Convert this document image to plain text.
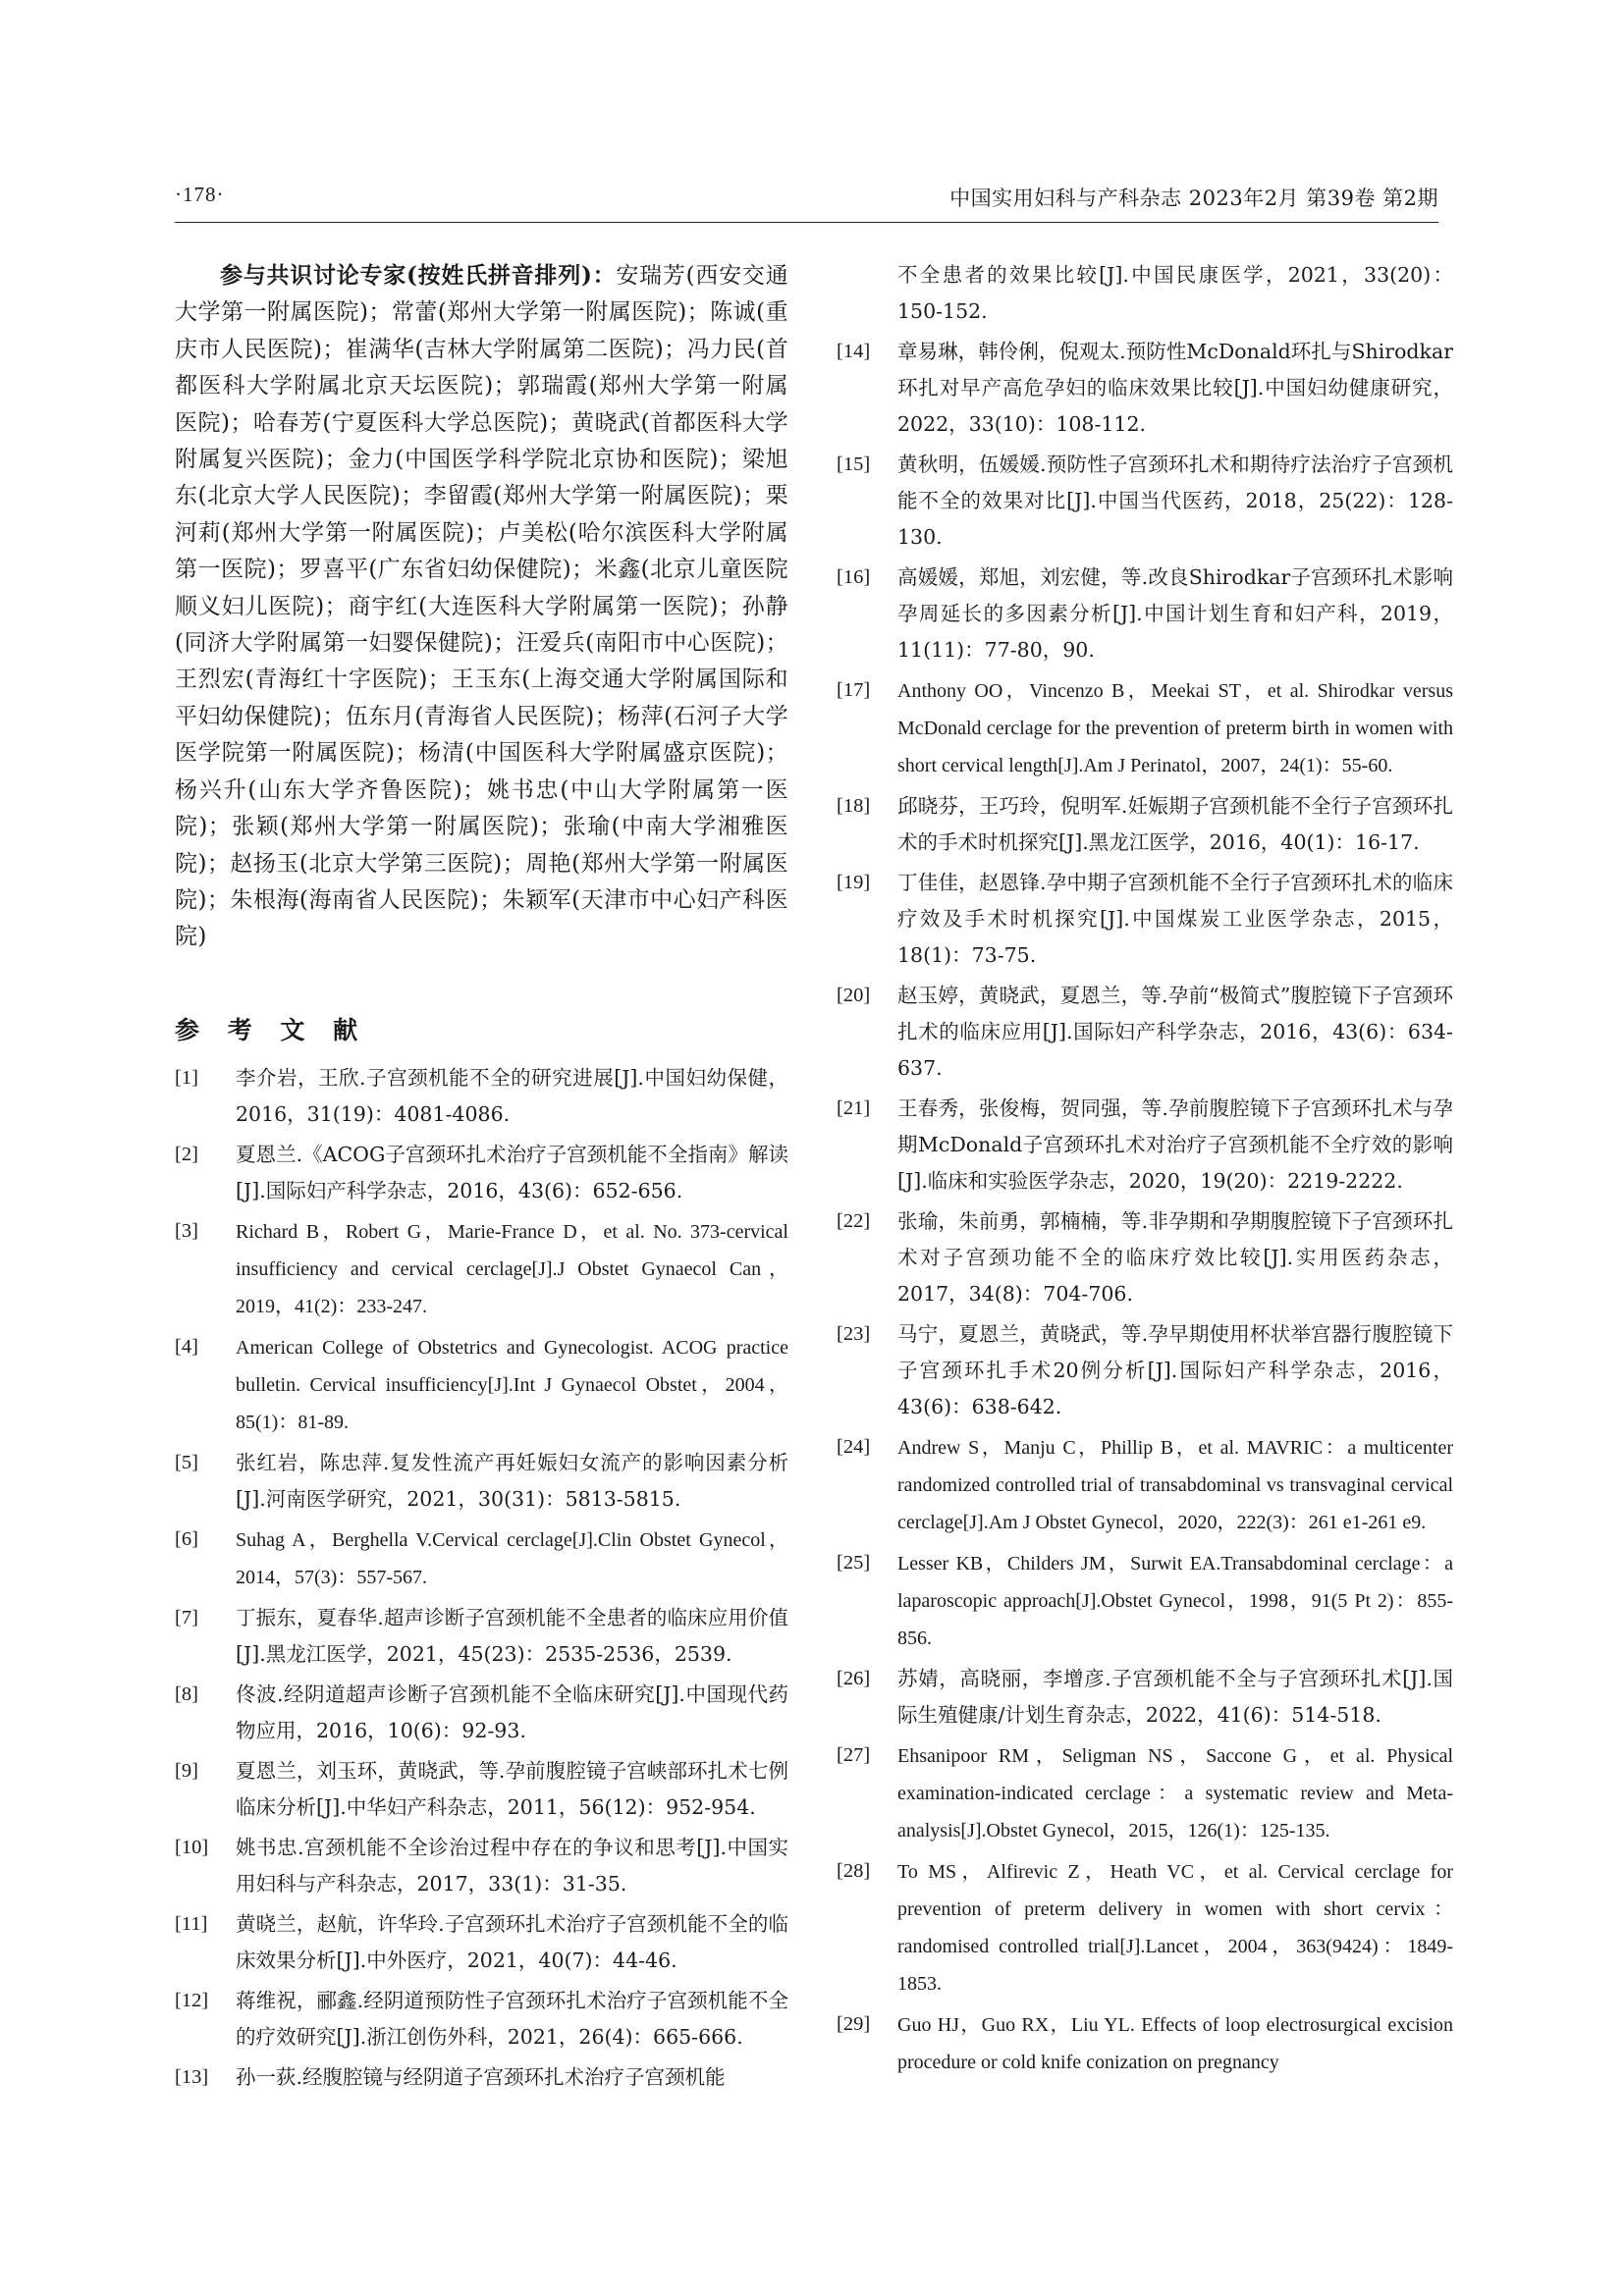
·178·	中国实用妇科与产科杂志 2023年2月 第39卷 第2期

参与共识讨论专家(按姓氏拼音排列)：安瑞芳(西安交通大学第一附属医院)；常蕾(郑州大学第一附属医院)；陈诚(重庆市人民医院)；崔满华(吉林大学附属第二医院)；冯力民(首都医科大学附属北京天坛医院)；郭瑞霞(郑州大学第一附属医院)；哈春芳(宁夏医科大学总医院)；黄晓武(首都医科大学附属复兴医院)；金力(中国医学科学院北京协和医院)；梁旭东(北京大学人民医院)；李留霞(郑州大学第一附属医院)；栗河莉(郑州大学第一附属医院)；卢美松(哈尔滨医科大学附属第一医院)；罗喜平(广东省妇幼保健院)；米鑫(北京儿童医院顺义妇儿医院)；商宇红(大连医科大学附属第一医院)；孙静(同济大学附属第一妇婴保健院)；汪爱兵(南阳市中心医院)；王烈宏(青海红十字医院)；王玉东(上海交通大学附属国际和平妇幼保健院)；伍东月(青海省人民医院)；杨萍(石河子大学医学院第一附属医院)；杨清(中国医科大学附属盛京医院)；杨兴升(山东大学齐鲁医院)；姚书忠(中山大学附属第一医院)；张颖(郑州大学第一附属医院)；张瑜(中南大学湘雅医院)；赵扬玉(北京大学第三医院)；周艳(郑州大学第一附属医院)；朱根海(海南省人民医院)；朱颖军(天津市中心妇产科医院)

参 考 文 献
[1] 李介岩，王欣.子宫颈机能不全的研究进展[J].中国妇幼保健，2016，31(19)：4081-4086.
[2] 夏恩兰.《ACOG子宫颈环扎术治疗子宫颈机能不全指南》解读[J].国际妇产科学杂志，2016，43(6)：652-656.
[3] Richard B，Robert G，Marie-France D，et al. No. 373-cervical insufficiency and cervical cerclage[J].J Obstet Gynaecol Can，2019，41(2)：233-247.
[4] American College of Obstetrics and Gynecologist. ACOG practice bulletin. Cervical insufficiency[J].Int J Gynaecol Obstet，2004，85(1)：81-89.
[5] 张红岩，陈忠萍.复发性流产再妊娠妇女流产的影响因素分析[J].河南医学研究，2021，30(31)：5813-5815.
[6] Suhag A，Berghella V.Cervical cerclage[J].Clin Obstet Gynecol，2014，57(3)：557-567.
[7] 丁振东，夏春华.超声诊断子宫颈机能不全患者的临床应用价值[J].黑龙江医学，2021，45(23)：2535-2536，2539.
[8] 佟波.经阴道超声诊断子宫颈机能不全临床研究[J].中国现代药物应用，2016，10(6)：92-93.
[9] 夏恩兰，刘玉环，黄晓武，等.孕前腹腔镜子宫峡部环扎术七例临床分析[J].中华妇产科杂志，2011，56(12)：952-954.
[10] 姚书忠.宫颈机能不全诊治过程中存在的争议和思考[J].中国实用妇科与产科杂志，2017，33(1)：31-35.
[11] 黄晓兰，赵航，许华玲.子宫颈环扎术治疗子宫颈机能不全的临床效果分析[J].中外医疗，2021，40(7)：44-46.
[12] 蒋维祝，郦鑫.经阴道预防性子宫颈环扎术治疗子宫颈机能不全的疗效研究[J].浙江创伤外科，2021，26(4)：665-666.
[13] 孙一荻.经腹腔镜与经阴道子宫颈环扎术治疗子宫颈机能
不全患者的效果比较[J].中国民康医学，2021，33(20)：150-152.
[14] 章易琳，韩伶俐，倪观太.预防性McDonald环扎与Shirodkar环扎对早产高危孕妇的临床效果比较[J].中国妇幼健康研究，2022，33(10)：108-112.
[15] 黄秋明，伍媛媛.预防性子宫颈环扎术和期待疗法治疗子宫颈机能不全的效果对比[J].中国当代医药，2018，25(22)：128-130.
[16] 高媛媛，郑旭，刘宏健，等.改良Shirodkar子宫颈环扎术影响孕周延长的多因素分析[J].中国计划生育和妇产科，2019，11(11)：77-80，90.
[17] Anthony OO，Vincenzo B，Meekai ST，et al. Shirodkar versus McDonald cerclage for the prevention of preterm birth in women with short cervical length[J].Am J Perinatol，2007，24(1)：55-60.
[18] 邱晓芬，王巧玲，倪明军.妊娠期子宫颈机能不全行子宫颈环扎术的手术时机探究[J].黑龙江医学，2016，40(1)：16-17.
[19] 丁佳佳，赵恩锋.孕中期子宫颈机能不全行子宫颈环扎术的临床疗效及手术时机探究[J].中国煤炭工业医学杂志，2015，18(1)：73-75.
[20] 赵玉婷，黄晓武，夏恩兰，等.孕前“极简式”腹腔镜下子宫颈环扎术的临床应用[J].国际妇产科学杂志，2016，43(6)：634-637.
[21] 王春秀，张俊梅，贺同强，等.孕前腹腔镜下子宫颈环扎术与孕期McDonald子宫颈环扎术对治疗子宫颈机能不全疗效的影响[J].临床和实验医学杂志，2020，19(20)：2219-2222.
[22] 张瑜，朱前勇，郭楠楠，等.非孕期和孕期腹腔镜下子宫颈环扎术对子宫颈功能不全的临床疗效比较[J].实用医药杂志，2017，34(8)：704-706.
[23] 马宁，夏恩兰，黄晓武，等.孕早期使用杯状举宫器行腹腔镜下子宫颈环扎手术20例分析[J].国际妇产科学杂志，2016，43(6)：638-642.
[24] Andrew S，Manju C，Phillip B，et al. MAVRIC：a multicenter randomized controlled trial of transabdominal vs transvaginal cervical cerclage[J].Am J Obstet Gynecol，2020，222(3)：261 e1-261 e9.
[25] Lesser KB，Childers JM，Surwit EA.Transabdominal cerclage：a laparoscopic approach[J].Obstet Gynecol，1998，91(5 Pt 2)：855-856.
[26] 苏婧，高晓丽，李增彦.子宫颈机能不全与子宫颈环扎术[J].国际生殖健康/计划生育杂志，2022，41(6)：514-518.
[27] Ehsanipoor RM，Seligman NS，Saccone G，et al. Physical examination-indicated cerclage：a systematic review and Meta-analysis[J].Obstet Gynecol，2015，126(1)：125-135.
[28] To MS，Alfirevic Z，Heath VC，et al. Cervical cerclage for prevention of preterm delivery in women with short cervix：randomised controlled trial[J].Lancet，2004，363(9424)：1849-1853.
[29] Guo HJ，Guo RX，Liu YL. Effects of loop electrosurgical excision procedure or cold knife conization on pregnancy
